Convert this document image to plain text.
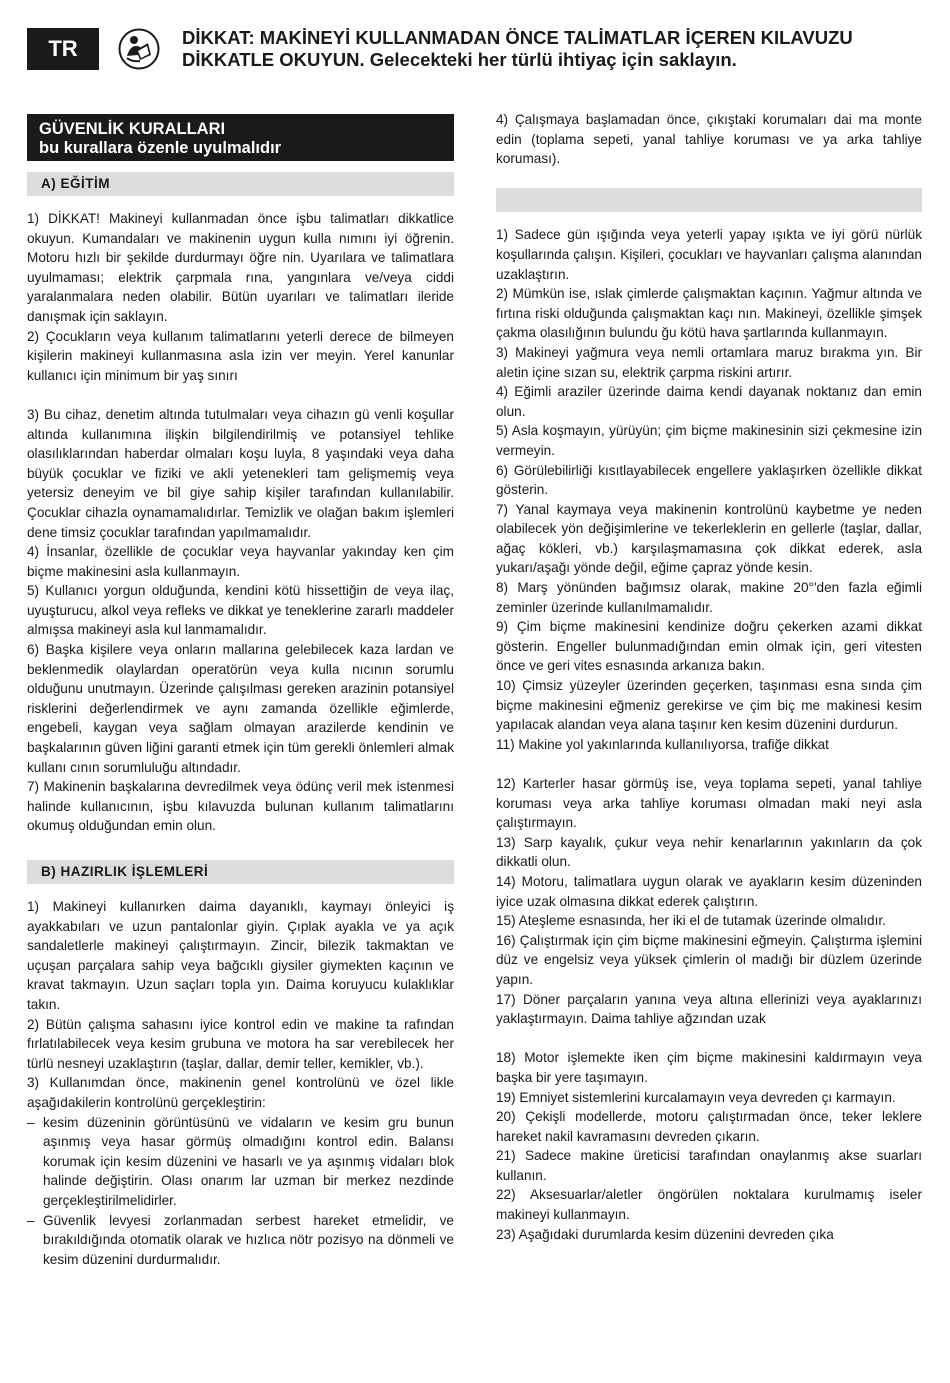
TR	DİKKAT: MAKİNEYİ KULLANMADAN ÖNCE TALİMATLAR İÇEREN KILAVUZU
DİKKATLE OKUYUN. Gelecekteki her türlü ihtiyaç için saklayın.
GÜVENLİK KURALLARI
bu kurallara özenle uyulmalıdır
A) EĞİTİM

1) DİKKAT! Makineyi kullanmadan önce işbu talimatları dikkatlice okuyun. Kumandaları ve makinenin uygun kulla nımını iyi öğrenin. Motoru hızlı bir şekilde durdurmayı öğre nin. Uyarılara ve talimatlara uyulmaması; elektrik çarpmala rına, yangınlara ve/veya ciddi yaralanmalara neden olabilir. Bütün uyarıları ve talimatları ileride danışmak için saklayın.

2) Çocukların veya kullanım talimatlarını yeterli derece de bilmeyen kişilerin makineyi kullanmasına asla izin ver meyin. Yerel kanunlar kullanıcı için minimum bir yaş sınırı

3) Bu cihaz, denetim altında tutulmaları veya cihazın gü venli koşullar altında kullanımına ilişkin bilgilendirilmiş ve potansiyel tehlike olasılıklarından haberdar olmaları koşu luyla, 8 yaşındaki veya daha büyük çocuklar ve fiziki ve akli yetenekleri tam gelişmemiş veya yetersiz deneyim ve bil giye sahip kişiler tarafından kullanılabilir. Çocuklar cihazla oynamamalıdırlar. Temizlik ve olağan bakım işlemleri dene timsiz çocuklar tarafından yapılmamalıdır.

4) İnsanlar, özellikle de çocuklar veya hayvanlar yakınday ken çim biçme makinesini asla kullanmayın.

5) Kullanıcı yorgun olduğunda, kendini kötü hissettiğin de veya ilaç, uyuşturucu, alkol veya refleks ve dikkat ye teneklerine zararlı maddeler almışsa makineyi asla kul lanmamalıdır.

6) Başka kişilere veya onların mallarına gelebilecek kaza lardan ve beklenmedik olaylardan operatörün veya kulla nıcının sorumlu olduğunu unutmayın. Üzerinde çalışılması gereken arazinin potansiyel risklerini değerlendirmek ve aynı zamanda özellikle eğimlerde, engebeli, kaygan veya sağlam olmayan arazilerde kendinin ve başkalarının güven liğini garanti etmek için tüm gerekli önlemleri almak kullanı cının sorumluluğu altındadır.

7) Makinenin başkalarına devredilmek veya ödünç veril mek istenmesi halinde kullanıcının, işbu kılavuzda bulunan kullanım talimatlarını okumuş olduğundan emin olun.

B) HAZIRLIK İŞLEMLERİ

1) Makineyi kullanırken daima dayanıklı, kaymayı önleyici iş ayakkabıları ve uzun pantalonlar giyin. Çıplak ayakla ve ya açık sandaletlerle makineyi çalıştırmayın. Zincir, bilezik takmaktan ve uçuşan parçalara sahip veya bağcıklı giysiler giymekten kaçının ve kravat takmayın. Uzun saçları topla yın. Daima koruyucu kulaklıklar takın.

2) Bütün çalışma sahasını iyice kontrol edin ve makine ta rafından fırlatılabilecek veya kesim grubuna ve motora ha sar verebilecek her türlü nesneyi uzaklaştırın (taşlar, dallar, demir teller, kemikler, vb.).

3) Kullanımdan önce, makinenin genel kontrolünü ve özel likle aşağıdakilerin kontrolünü gerçekleştirin:

– kesim düzeninin görüntüsünü ve vidaların ve kesim gru bunun aşınmış veya hasar görmüş olmadığını kontrol edin. Balansı korumak için kesim düzenini ve hasarlı ve ya aşınmış vidaları blok halinde değiştirin. Olası onarım lar uzman bir merkez nezdinde gerçekleştirilmelidirler.

– Güvenlik levyesi zorlanmadan serbest hareket etmelidir, ve bırakıldığında otomatik olarak ve hızlıca nötr pozisyo na dönmeli ve kesim düzenini durdurmalıdır.

4) Çalışmaya başlamadan önce, çıkıştaki korumaları dai ma monte edin (toplama sepeti, yanal tahliye koruması ve ya arka tahliye koruması).

1) Sadece gün ışığında veya yeterli yapay ışıkta ve iyi görü nürlük koşullarında çalışın. Kişileri, çocukları ve hayvanları çalışma alanından uzaklaştırın.

2) Mümkün ise, ıslak çimlerde çalışmaktan kaçının. Yağmur altında ve fırtına riski olduğunda çalışmaktan kaçı nın. Makineyi, özellikle şimşek çakma olasılığının bulundu ğu kötü hava şartlarında kullanmayın.

3) Makineyi yağmura veya nemli ortamlara maruz bırakma yın. Bir aletin içine sızan su, elektrik çarpma riskini artırır.

4) Eğimli araziler üzerinde daima kendi dayanak noktanız dan emin olun.

5) Asla koşmayın, yürüyün; çim biçme makinesinin sizi çekmesine izin vermeyin.

6) Görülebilirliği kısıtlayabilecek engellere yaklaşırken özellikle dikkat gösterin.

7) Yanal kaymaya veya makinenin kontrolünü kaybetme ye neden olabilecek yön değişimlerine ve tekerleklerin en gellerle (taşlar, dallar, ağaç kökleri, vb.) karşılaşmamasına çok dikkat ederek, asla yukarı/aşağı yönde değil, eğime çapraz yönde kesin.

8) Marş yönünden bağımsız olarak, makine 20°'den fazla eğimli zeminler üzerinde kullanılmamalıdır.

9) Çim biçme makinesini kendinize doğru çekerken azami dikkat gösterin. Engeller bulunmadığından emin olmak için, geri vitesten önce ve geri vites esnasında arkanıza bakın.

10) Çimsiz yüzeyler üzerinden geçerken, taşınması esna sında çim biçme makinesini eğmeniz gerekirse ve çim biç me makinesi kesim yapılacak alandan veya alana taşınır ken kesim düzenini durdurun.

11) Makine yol yakınlarında kullanılıyorsa, trafiğe dikkat

12) Karterler hasar görmüş ise, veya toplama sepeti, yanal tahliye koruması veya arka tahliye koruması olmadan maki neyi asla çalıştırmayın.

13) Sarp kayalık, çukur veya nehir kenarlarının yakınların da çok dikkatli olun.

14) Motoru, talimatlara uygun olarak ve ayakların kesim düzeninden iyice uzak olmasına dikkat ederek çalıştırın.

15) Ateşleme esnasında, her iki el de tutamak üzerinde olmalıdır.

16) Çalıştırmak için çim biçme makinesini eğmeyin. Çalıştırma işlemini düz ve engelsiz veya yüksek çimlerin ol madığı bir düzlem üzerinde yapın.

17) Döner parçaların yanına veya altına ellerinizi veya ayaklarınızı yaklaştırmayın. Daima tahliye ağzından uzak

18) Motor işlemekte iken çim biçme makinesini kaldırmayın veya başka bir yere taşımayın.

19) Emniyet sistemlerini kurcalamayın veya devreden çı karmayın.

20) Çekişli modellerde, motoru çalıştırmadan önce, teker leklere hareket nakil kavramasını devreden çıkarın.

21) Sadece makine üreticisi tarafından onaylanmış akse suarları kullanın.

22) Aksesuarlar/aletler öngörülen noktalara kurulmamış iseler makineyi kullanmayın.

23) Aşağıdaki durumlarda kesim düzenini devreden çıka
